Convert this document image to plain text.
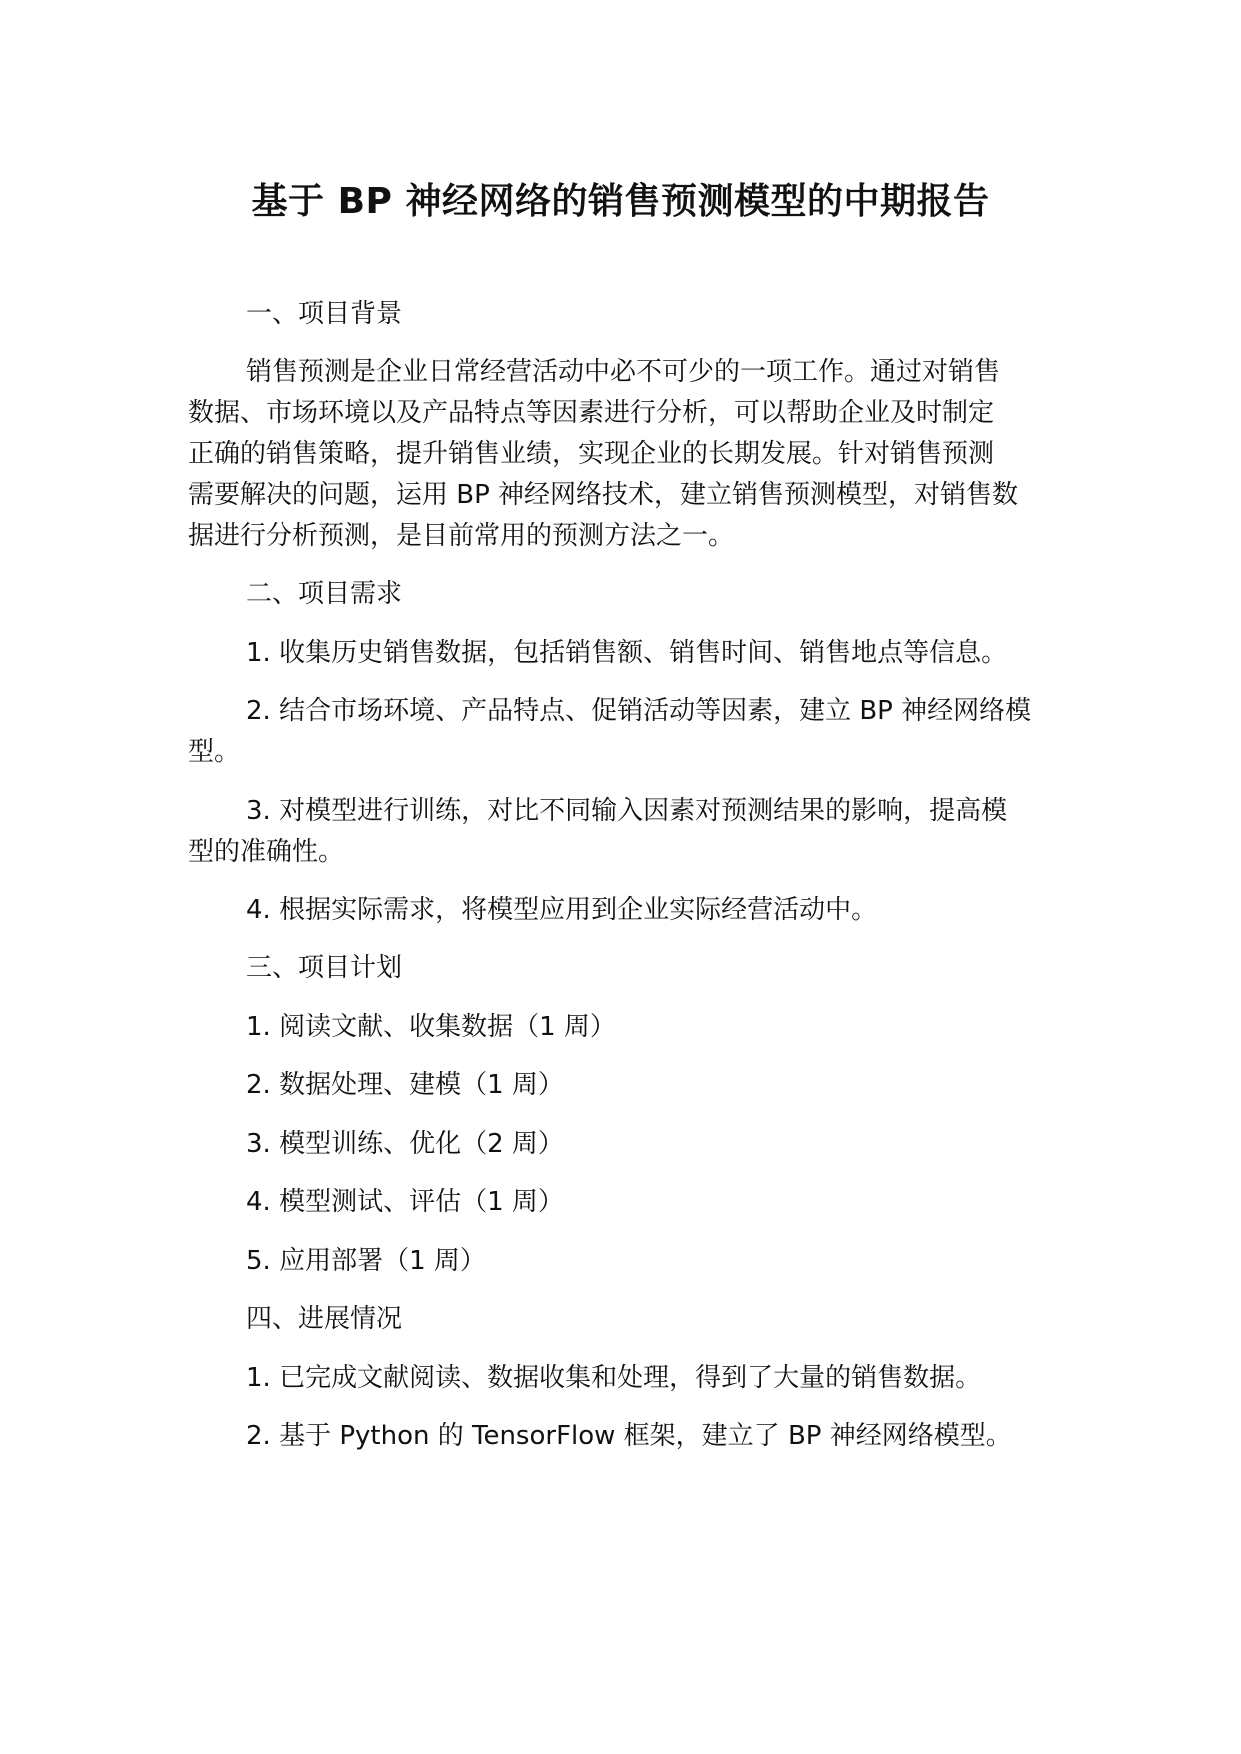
基于 BP 神经网络的销售预测模型的中期报告
一、项目背景
销售预测是企业日常经营活动中必不可少的一项工作。通过对销售
数据、市场环境以及产品特点等因素进行分析，可以帮助企业及时制定
正确的销售策略，提升销售业绩，实现企业的长期发展。针对销售预测
需要解决的问题，运用 BP 神经网络技术，建立销售预测模型，对销售数
据进行分析预测，是目前常用的预测方法之一。
二、项目需求
1. 收集历史销售数据，包括销售额、销售时间、销售地点等信息。
2. 结合市场环境、产品特点、促销活动等因素，建立 BP 神经网络模
型。
3. 对模型进行训练，对比不同输入因素对预测结果的影响，提高模
型的准确性。
4. 根据实际需求，将模型应用到企业实际经营活动中。
三、项目计划
1. 阅读文献、收集数据（1 周）
2. 数据处理、建模（1 周）
3. 模型训练、优化（2 周）
4. 模型测试、评估（1 周）
5. 应用部署（1 周）
四、进展情况
1. 已完成文献阅读、数据收集和处理，得到了大量的销售数据。
2. 基于 Python 的 TensorFlow 框架，建立了 BP 神经网络模型。
